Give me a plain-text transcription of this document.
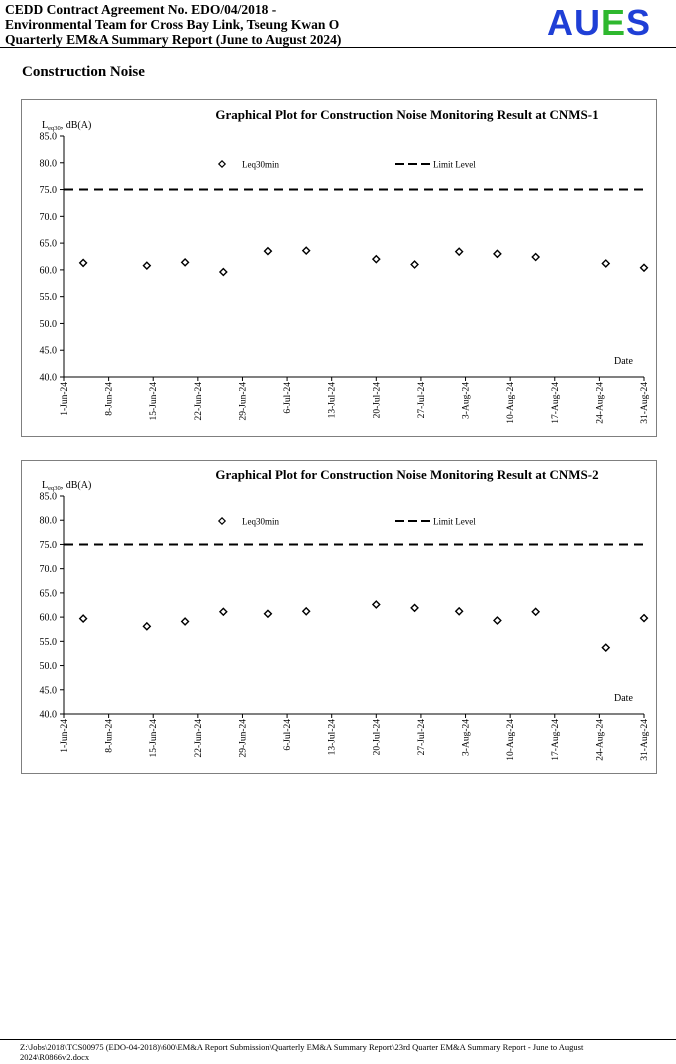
CEDD Contract Agreement No. EDO/04/2018 -
Environmental Team for Cross Bay Link, Tseung Kwan O
Quarterly EM&A Summary Report (June to August 2024)	AUES
Construction Noise
Graphical Plot for Construction Noise Monitoring Result at CNMS-1
$L_{eq30}$, dB(A)
40.0
45.0
50.0
55.0
60.0
65.0
70.0
75.0
80.0
85.0
1-Jun-24	8-Jun-24	15-Jun-24	22-Jun-24	29-Jun-24	6-Jul-24	13-Jul-24	20-Jul-24	27-Jul-24	3-Aug-24	10-Aug-24	17-Aug-24	24-Aug-24	31-Aug-24
Date
Leq30min	Limit Level
Graphical Plot for Construction Noise Monitoring Result at CNMS-2
$L_{eq30}$, dB(A)
40.0
45.0
50.0
55.0
60.0
65.0
70.0
75.0
80.0
85.0
1-Jun-24	8-Jun-24	15-Jun-24	22-Jun-24	29-Jun-24	6-Jul-24	13-Jul-24	20-Jul-24	27-Jul-24	3-Aug-24	10-Aug-24	17-Aug-24	24-Aug-24	31-Aug-24
Date
Leq30min	Limit Level
Z:\Jobs\2018\TCS00975 (EDO-04-2018)\600\EM&A Report Submission\Quarterly EM&A Summary Report\23rd Quarter EM&A Summary Report - June to August 2024\R0866v2.docx
